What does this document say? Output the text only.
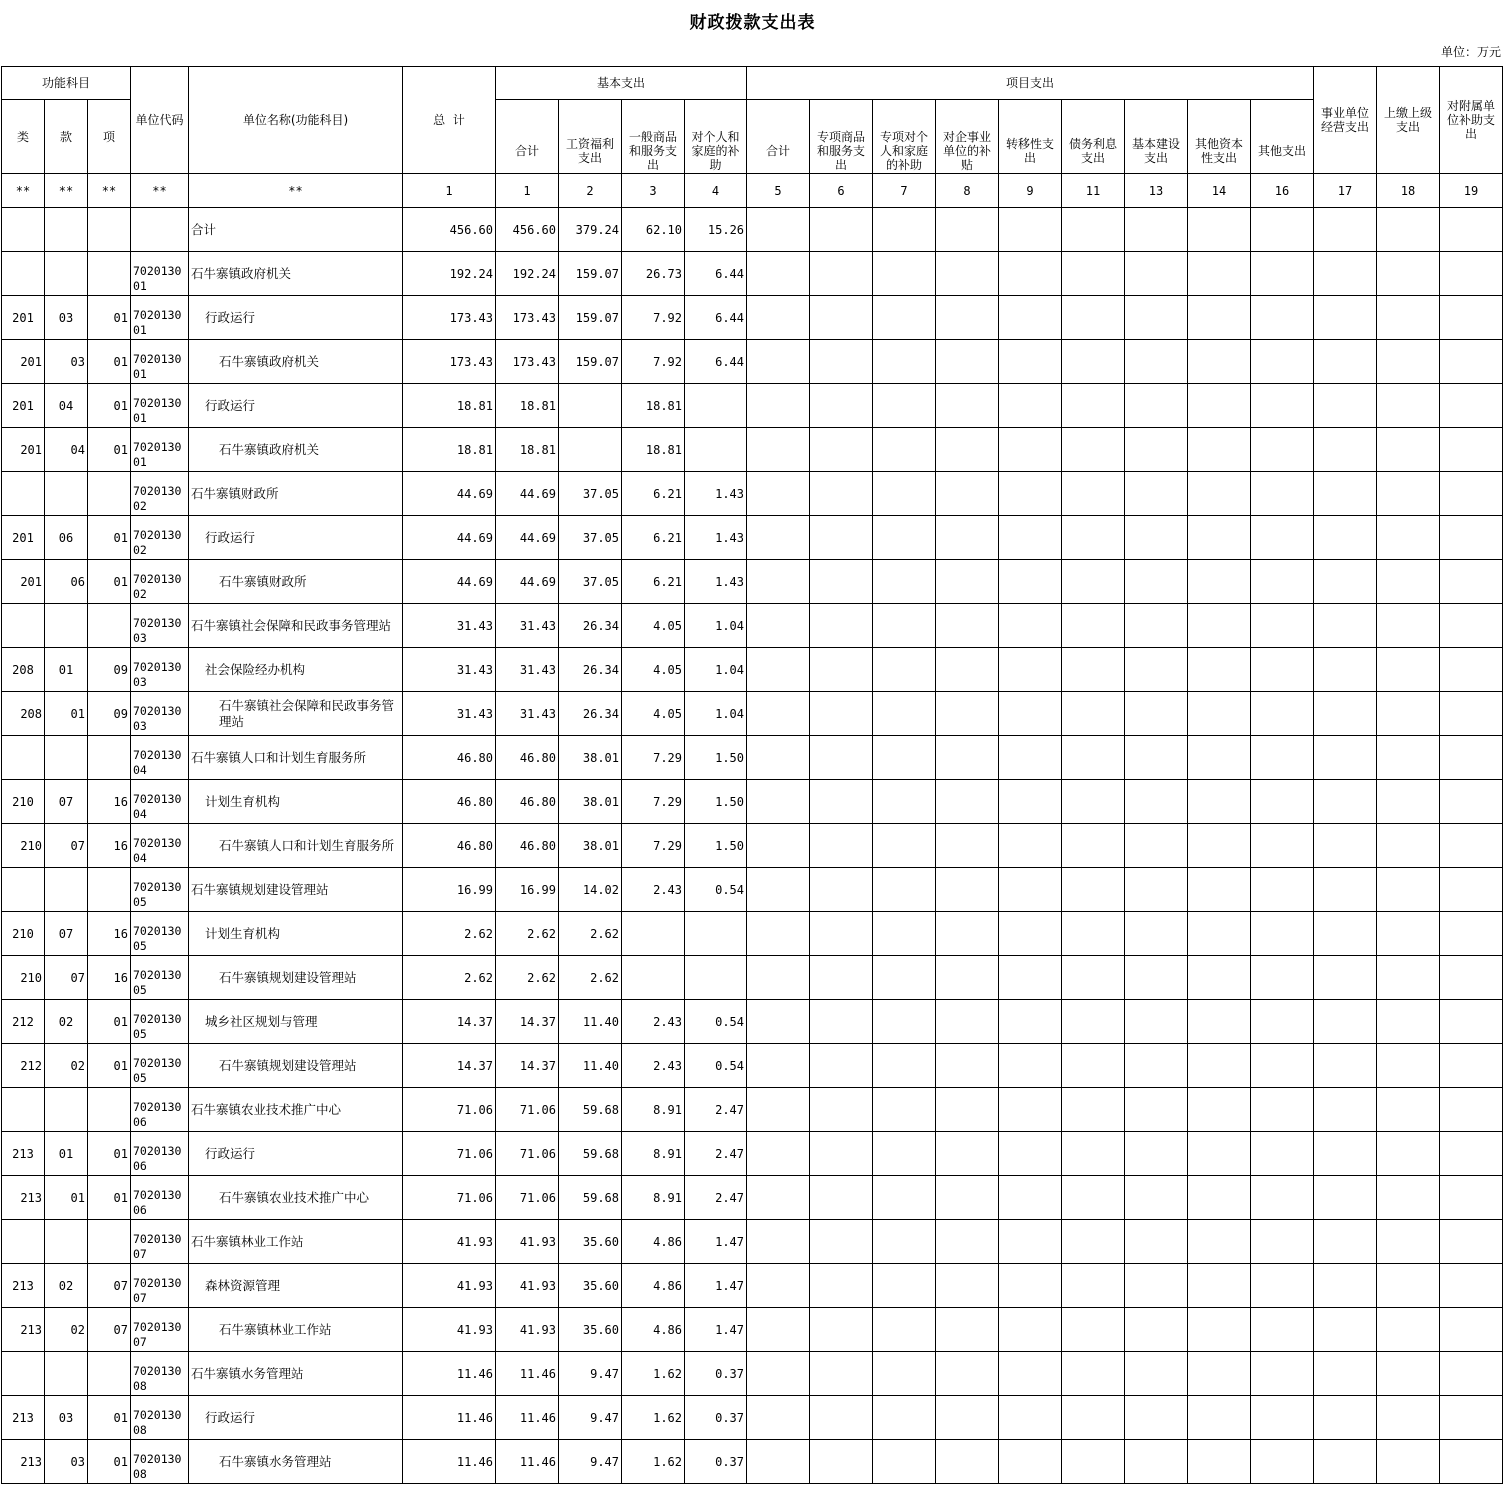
财政拨款支出表
单位：万元
功能科目			单位代码	单位名称(功能科目)	总  计	基本支出				项目支出									事业单位经营支出	上缴上级支出	对附属单位补助支出
类	款	项				合计	工资福利支出	一般商品和服务支出	对个人和家庭的补助	合计	专项商品和服务支出	专项对个人和家庭的补助	对企事业单位的补贴	转移性支出	债务利息支出	基本建设支出	其他资本性支出	其他支出			
**	**	**	**	**	1	1	2	3	4	5	6	7	8	9	11	13	14	16	17	18	19
				合计	456.60	456.60	379.24	62.10	15.26												
			702013001	石牛寨镇政府机关	192.24	192.24	159.07	26.73	6.44												
201	03	01	702013001	行政运行	173.43	173.43	159.07	7.92	6.44												
201	03	01	702013001	石牛寨镇政府机关	173.43	173.43	159.07	7.92	6.44												
201	04	01	702013001	行政运行	18.81	18.81		18.81													
201	04	01	702013001	石牛寨镇政府机关	18.81	18.81		18.81													
			702013002	石牛寨镇财政所	44.69	44.69	37.05	6.21	1.43												
201	06	01	702013002	行政运行	44.69	44.69	37.05	6.21	1.43												
201	06	01	702013002	石牛寨镇财政所	44.69	44.69	37.05	6.21	1.43												
			702013003	石牛寨镇社会保障和民政事务管理站	31.43	31.43	26.34	4.05	1.04												
208	01	09	702013003	社会保险经办机构	31.43	31.43	26.34	4.05	1.04												
208	01	09	702013003	石牛寨镇社会保障和民政事务管理站	31.43	31.43	26.34	4.05	1.04												
			702013004	石牛寨镇人口和计划生育服务所	46.80	46.80	38.01	7.29	1.50												
210	07	16	702013004	计划生育机构	46.80	46.80	38.01	7.29	1.50												
210	07	16	702013004	石牛寨镇人口和计划生育服务所	46.80	46.80	38.01	7.29	1.50												
			702013005	石牛寨镇规划建设管理站	16.99	16.99	14.02	2.43	0.54												
210	07	16	702013005	计划生育机构	2.62	2.62	2.62														
210	07	16	702013005	石牛寨镇规划建设管理站	2.62	2.62	2.62														
212	02	01	702013005	城乡社区规划与管理	14.37	14.37	11.40	2.43	0.54												
212	02	01	702013005	石牛寨镇规划建设管理站	14.37	14.37	11.40	2.43	0.54												
			702013006	石牛寨镇农业技术推广中心	71.06	71.06	59.68	8.91	2.47												
213	01	01	702013006	行政运行	71.06	71.06	59.68	8.91	2.47												
213	01	01	702013006	石牛寨镇农业技术推广中心	71.06	71.06	59.68	8.91	2.47												
			702013007	石牛寨镇林业工作站	41.93	41.93	35.60	4.86	1.47												
213	02	07	702013007	森林资源管理	41.93	41.93	35.60	4.86	1.47												
213	02	07	702013007	石牛寨镇林业工作站	41.93	41.93	35.60	4.86	1.47												
			702013008	石牛寨镇水务管理站	11.46	11.46	9.47	1.62	0.37												
213	03	01	702013008	行政运行	11.46	11.46	9.47	1.62	0.37												
213	03	01	702013008	石牛寨镇水务管理站	11.46	11.46	9.47	1.62	0.37												
